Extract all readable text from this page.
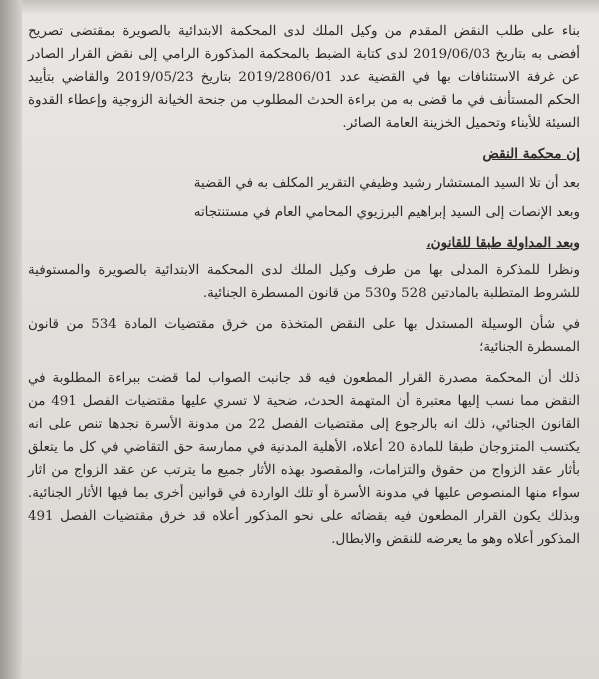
بناء على طلب النقض المقدم من وكيل الملك لدى المحكمة الابتدائية بالصويرة بمقتضى تصريح أفضى به بتاريخ 2019/06/03 لدى كتابة الضبط بالمحكمة المذكورة الرامي إلى نقض القرار الصادر عن غرفة الاستئنافات بها في القضية عدد 2019/2806/01 بتاريخ 2019/05/23 والقاضي بتأييد الحكم المستأنف في ما قضى به من براءة الحدث المطلوب من جنحة الخيانة الزوجية وإعطاء القدوة السيئة للأبناء وتحميل الخزينة العامة الصائر.

إن محكمة النقض

بعد أن تلا السيد المستشار رشيد وظيفي التقرير المكلف به في القضية

وبعد الإنصات إلى السيد إبراهيم البرزيوي المحامي العام في مستنتجاته

وبعد المداولة طبقا للقانون،

ونظرا للمذكرة المدلى بها من طرف وكيل الملك لدى المحكمة الابتدائية بالصويرة والمستوفية للشروط المتطلبة بالمادتين 528 و530 من قانون المسطرة الجنائية.

في شأن الوسيلة المستدل بها على النقض المتخذة من خرق مقتضيات المادة 534 من قانون المسطرة الجنائية؛

ذلك أن المحكمة مصدرة القرار المطعون فيه قد جانبت الصواب لما قضت ببراءة المطلوبة في النقض مما نسب إليها معتبرة أن المتهمة الحدث، ضحية لا تسري عليها مقتضيات الفصل 491 من القانون الجنائي، ذلك انه بالرجوع إلى مقتضيات الفصل 22 من مدونة الأسرة نجدها تنص على انه يكتسب المتزوجان طبقا للمادة 20 أعلاه، الأهلية المدنية في ممارسة حق التقاضي في كل ما يتعلق بأثار عقد الزواج من حقوق والتزامات، والمقصود بهذه الأثار جميع ما يترتب عن عقد الزواج من اثار سواء منها المنصوص عليها في مدونة الأسرة أو تلك الواردة في قوانين أخرى بما فيها الأثار الجنائية. وبذلك يكون القرار المطعون فيه بقضائه على نحو المذكور أعلاه قد خرق مقتضيات الفصل 491 المذكور أعلاه وهو ما يعرضه للنقض والابطال.
